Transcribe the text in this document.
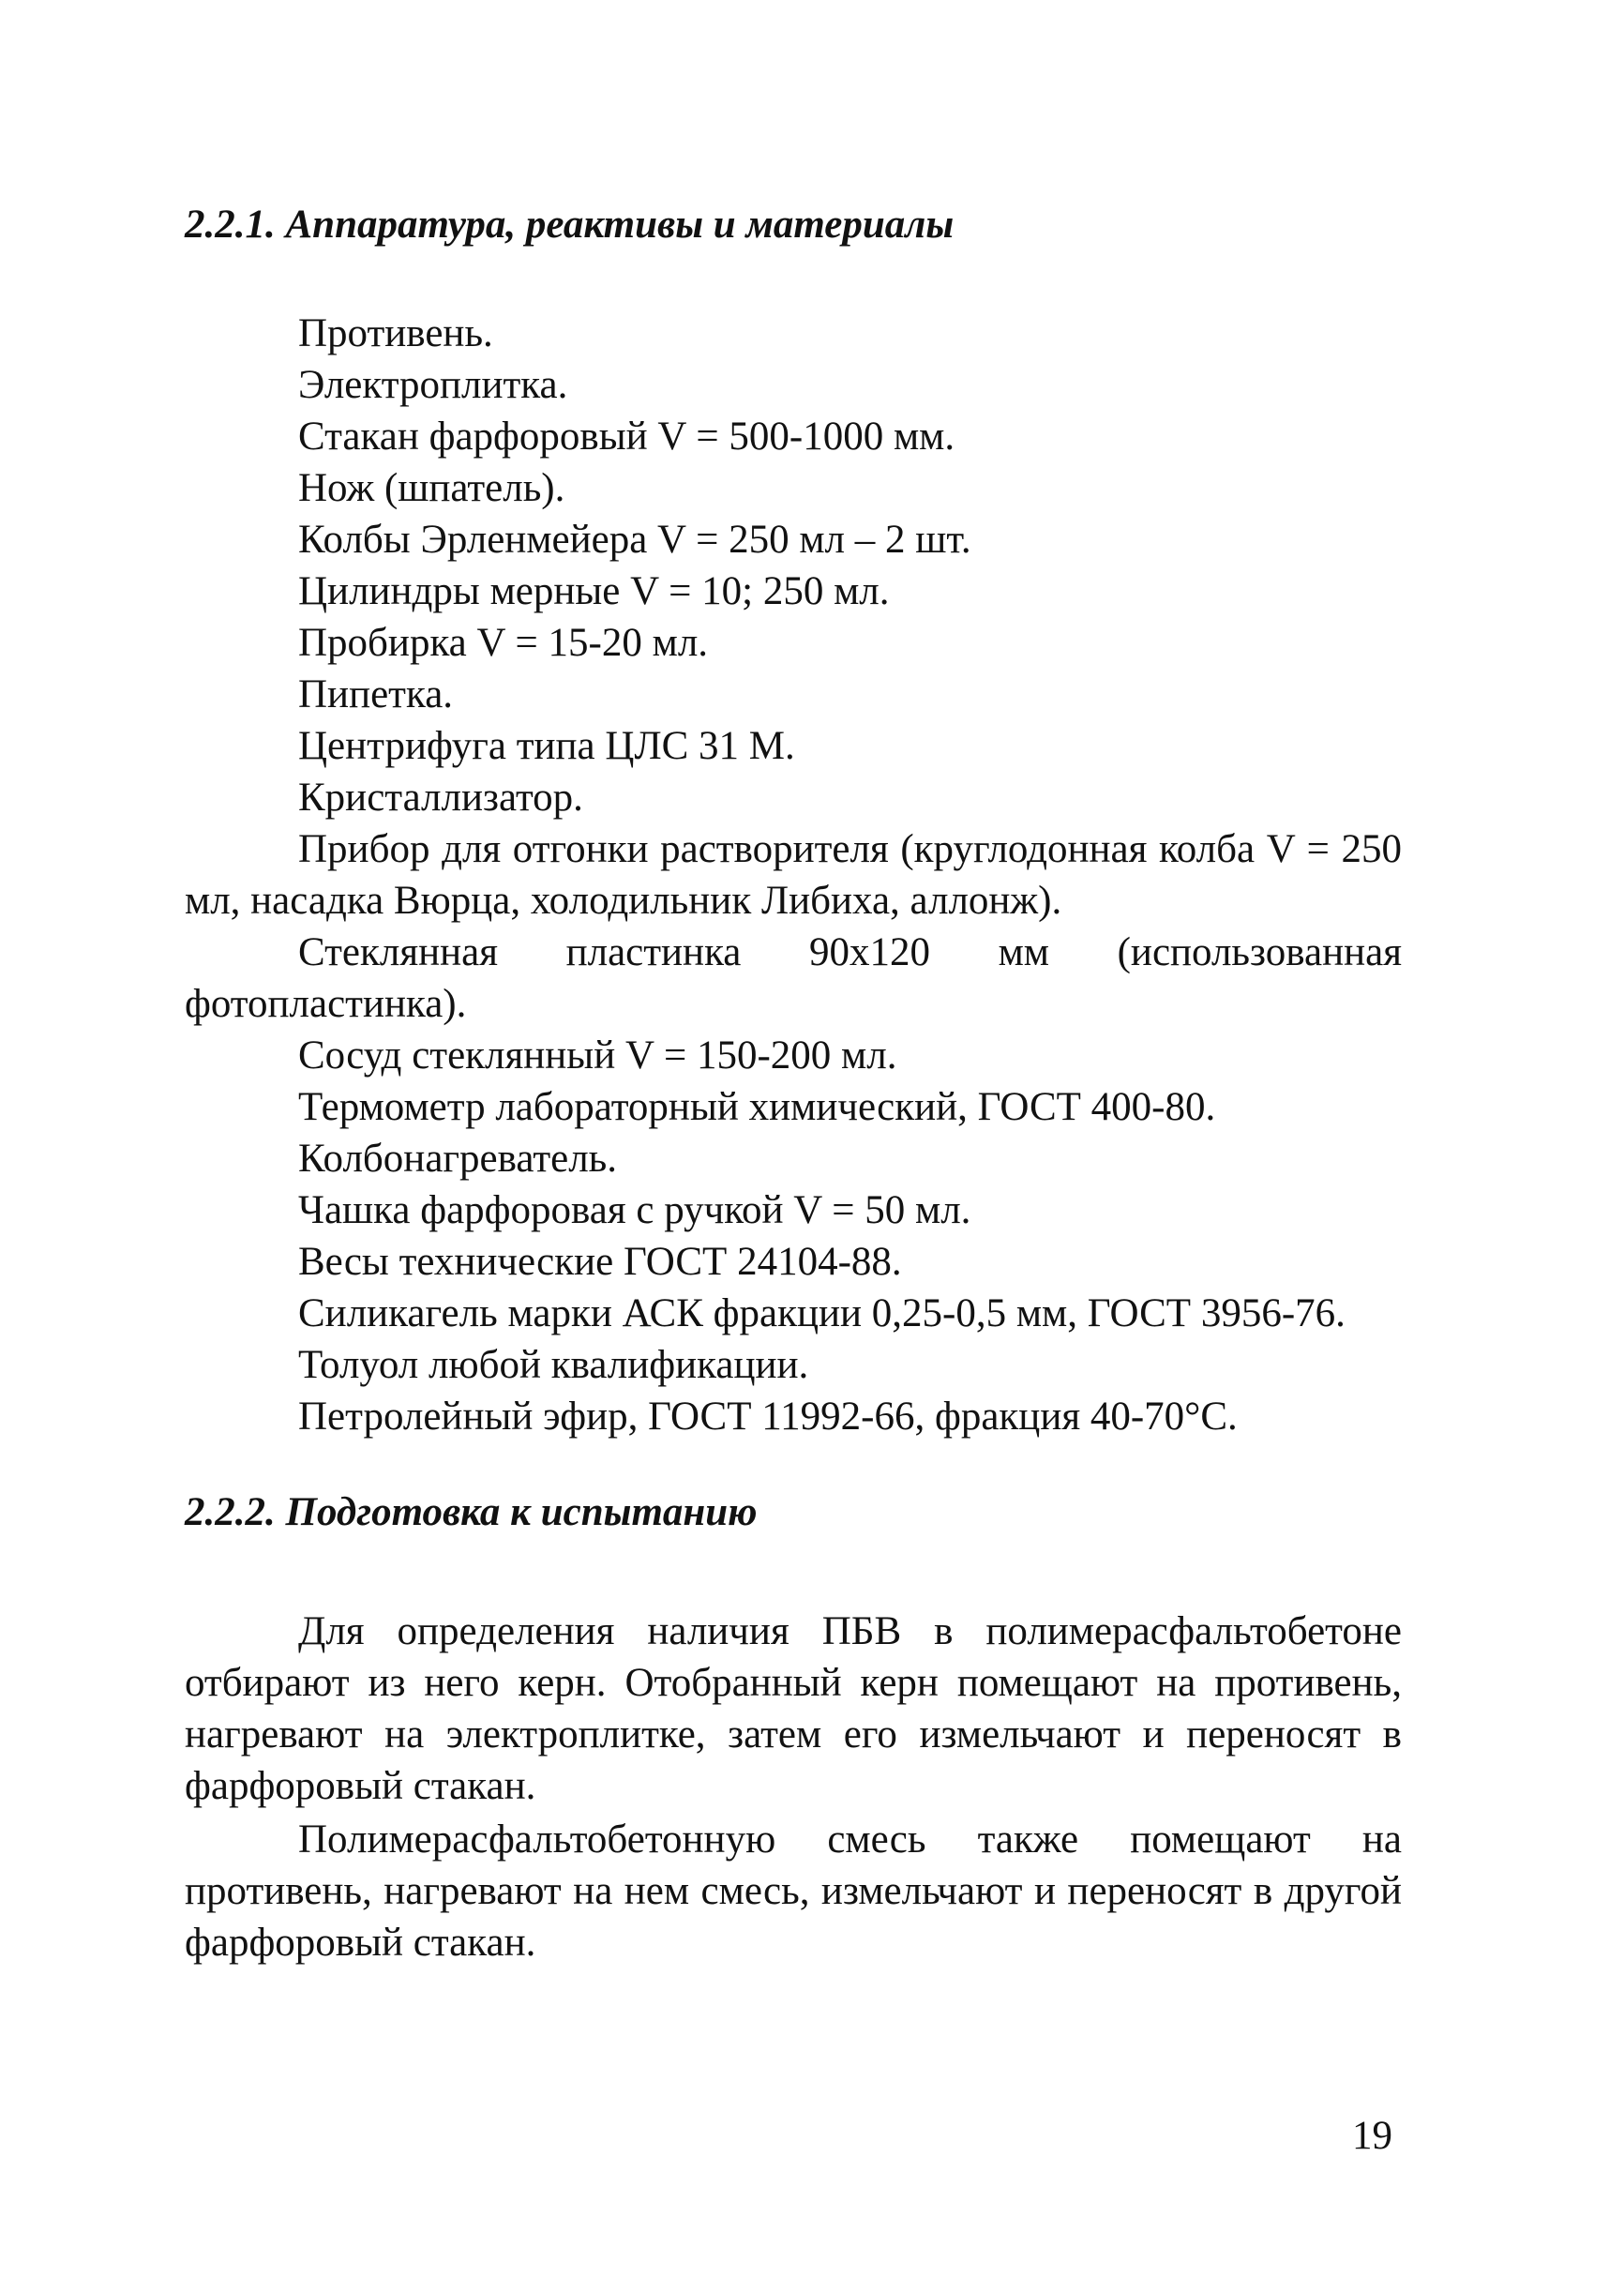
2.2.1. Аппаратура, реактивы и материалы
Противень.
Электроплитка.
Стакан фарфоровый V = 500-1000 мм.
Нож (шпатель).
Колбы Эрленмейера V = 250 мл – 2 шт.
Цилиндры мерные V = 10; 250 мл.
Пробирка V = 15-20 мл.
Пипетка.
Центрифуга типа ЦЛС 31 М.
Кристаллизатор.
Прибор для отгонки растворителя (круглодонная колба V = 250 мл, насадка Вюрца, холодильник Либиха, аллонж).
Стеклянная пластинка 90х120 мм (использованная фотопластинка).
Сосуд стеклянный V = 150-200 мл.
Термометр лабораторный химический, ГОСТ 400-80.
Колбонагреватель.
Чашка фарфоровая с ручкой V = 50 мл.
Весы технические ГОСТ 24104-88.
Силикагель марки АСК фракции 0,25-0,5 мм, ГОСТ 3956-76.
Толуол любой квалификации.
Петролейный эфир, ГОСТ 11992-66, фракция 40-70°С.
2.2.2. Подготовка к испытанию

Для определения наличия ПБВ в полимерасфальтобетоне отбирают из него керн. Отобранный керн помещают на противень, нагревают на электроплитке, затем его измельчают и переносят в фарфоровый стакан.

Полимерасфальтобетонную смесь также помещают на противень, нагревают на нем смесь, измельчают и переносят в другой фарфоровый стакан.

19
